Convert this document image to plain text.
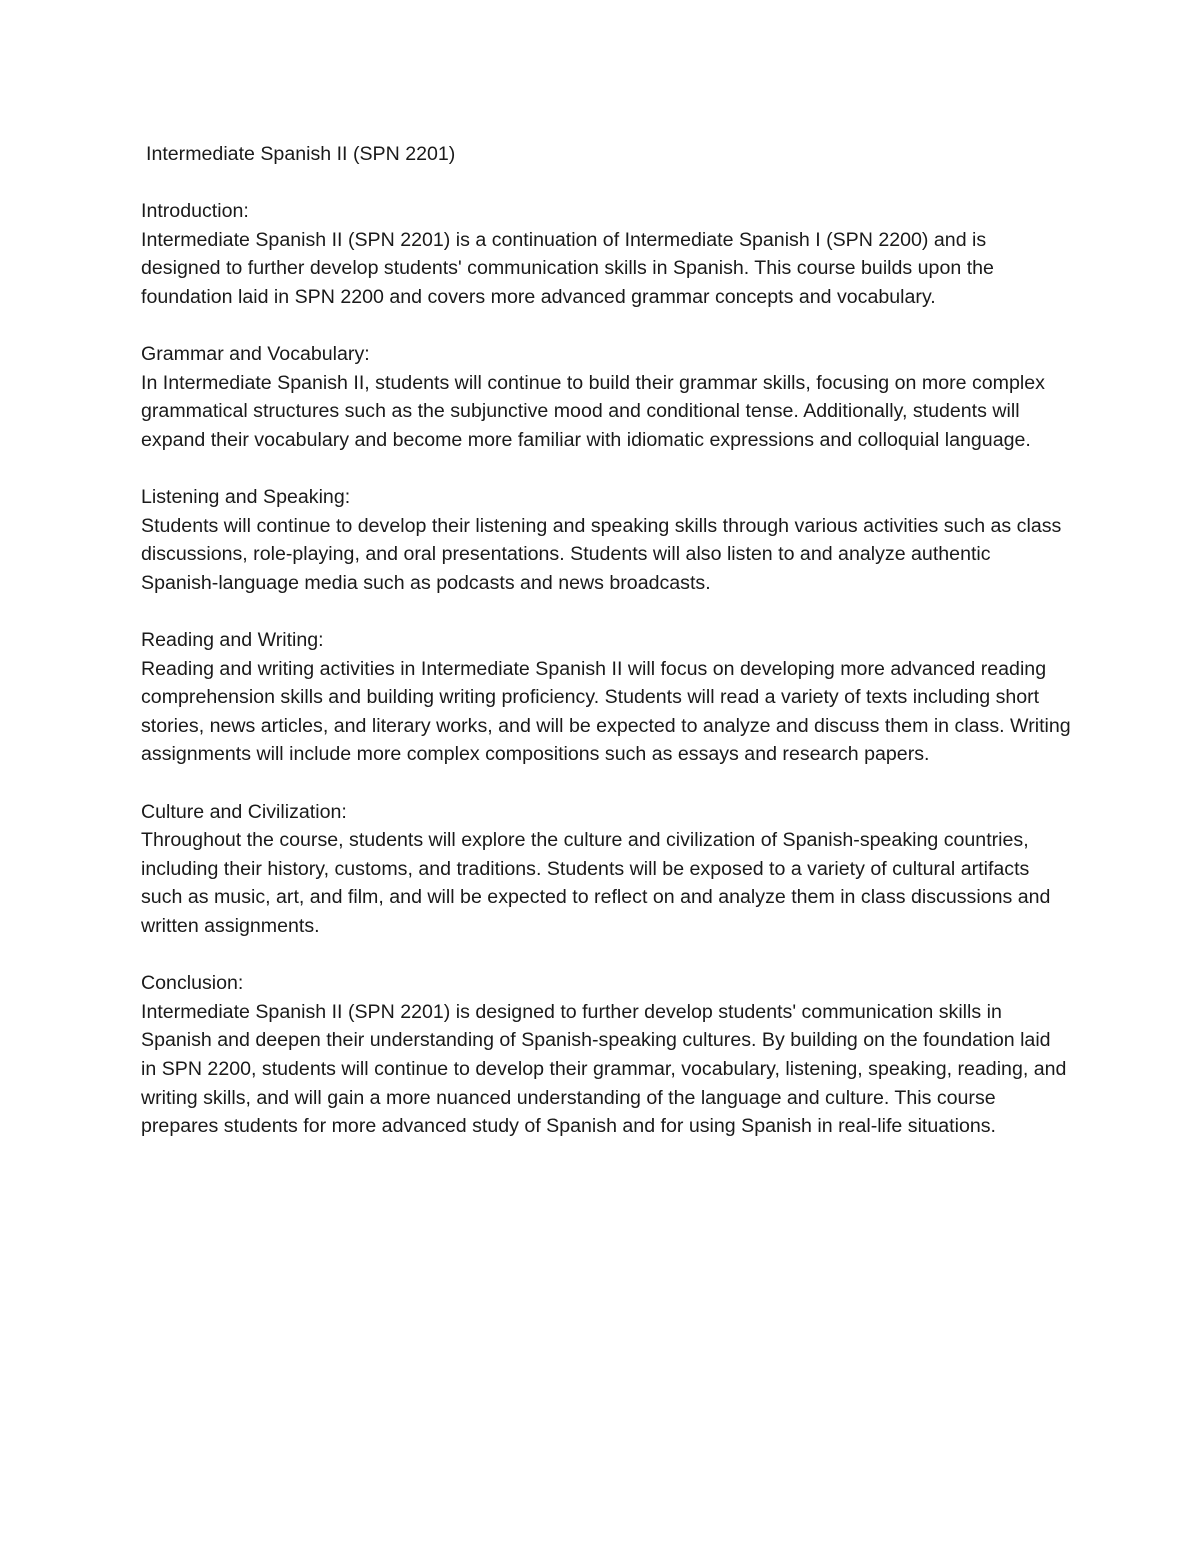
Intermediate Spanish II (SPN 2201)

Introduction:

Intermediate Spanish II (SPN 2201) is a continuation of Intermediate Spanish I (SPN 2200) and is designed to further develop students' communication skills in Spanish. This course builds upon the foundation laid in SPN 2200 and covers more advanced grammar concepts and vocabulary.

Grammar and Vocabulary:

In Intermediate Spanish II, students will continue to build their grammar skills, focusing on more complex grammatical structures such as the subjunctive mood and conditional tense. Additionally, students will expand their vocabulary and become more familiar with idiomatic expressions and colloquial language.

Listening and Speaking:

Students will continue to develop their listening and speaking skills through various activities such as class discussions, role-playing, and oral presentations. Students will also listen to and analyze authentic Spanish-language media such as podcasts and news broadcasts.

Reading and Writing:

Reading and writing activities in Intermediate Spanish II will focus on developing more advanced reading comprehension skills and building writing proficiency. Students will read a variety of texts including short stories, news articles, and literary works, and will be expected to analyze and discuss them in class. Writing assignments will include more complex compositions such as essays and research papers.

Culture and Civilization:

Throughout the course, students will explore the culture and civilization of Spanish-speaking countries, including their history, customs, and traditions. Students will be exposed to a variety of cultural artifacts such as music, art, and film, and will be expected to reflect on and analyze them in class discussions and written assignments.

Conclusion:

Intermediate Spanish II (SPN 2201) is designed to further develop students' communication skills in Spanish and deepen their understanding of Spanish-speaking cultures. By building on the foundation laid in SPN 2200, students will continue to develop their grammar, vocabulary, listening, speaking, reading, and writing skills, and will gain a more nuanced understanding of the language and culture. This course prepares students for more advanced study of Spanish and for using Spanish in real-life situations.
